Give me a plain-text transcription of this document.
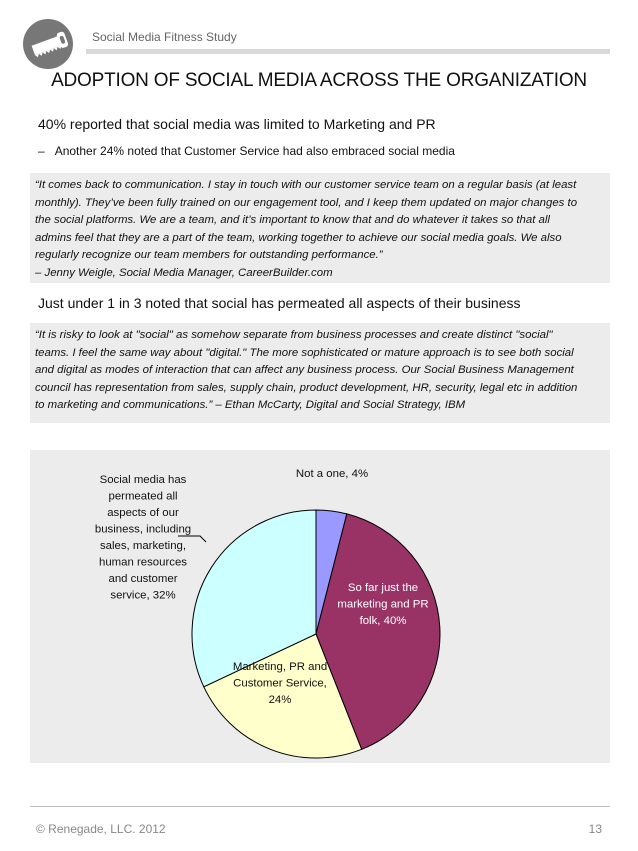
Social Media Fitness Study
ADOPTION OF SOCIAL MEDIA ACROSS THE ORGANIZATION
40% reported that social media was limited to Marketing and PR
– Another 24% noted that Customer Service had also embraced social media
“It comes back to communication. I stay in touch with our customer service team on a regular basis (at least
monthly). They’ve been fully trained on our engagement tool, and I keep them updated on major changes to
the social platforms. We are a team, and it’s important to know that and do whatever it takes so that all
admins feel that they are a part of the team, working together to achieve our social media goals. We also
regularly recognize our team members for outstanding performance.”
– Jenny Weigle, Social Media Manager, CareerBuilder.com
Just under 1 in 3 noted that social has permeated all aspects of their business
“It is risky to look at "social" as somehow separate from business processes and create distinct "social"
teams. I feel the same way about "digital." The more sophisticated or mature approach is to see both social
and digital as modes of interaction that can affect any business process. Our Social Business Management
council has representation from sales, supply chain, product development, HR, security, legal etc in addition
to marketing and communications.” – Ethan McCarty, Digital and Social Strategy, IBM
Not a one, 4%
So far just the marketing and PR folk, 40%
Marketing, PR and Customer Service, 24%
Social media has permeated all aspects of our business, including sales, marketing, human resources and customer service, 32%
© Renegade, LLC. 2012	13
